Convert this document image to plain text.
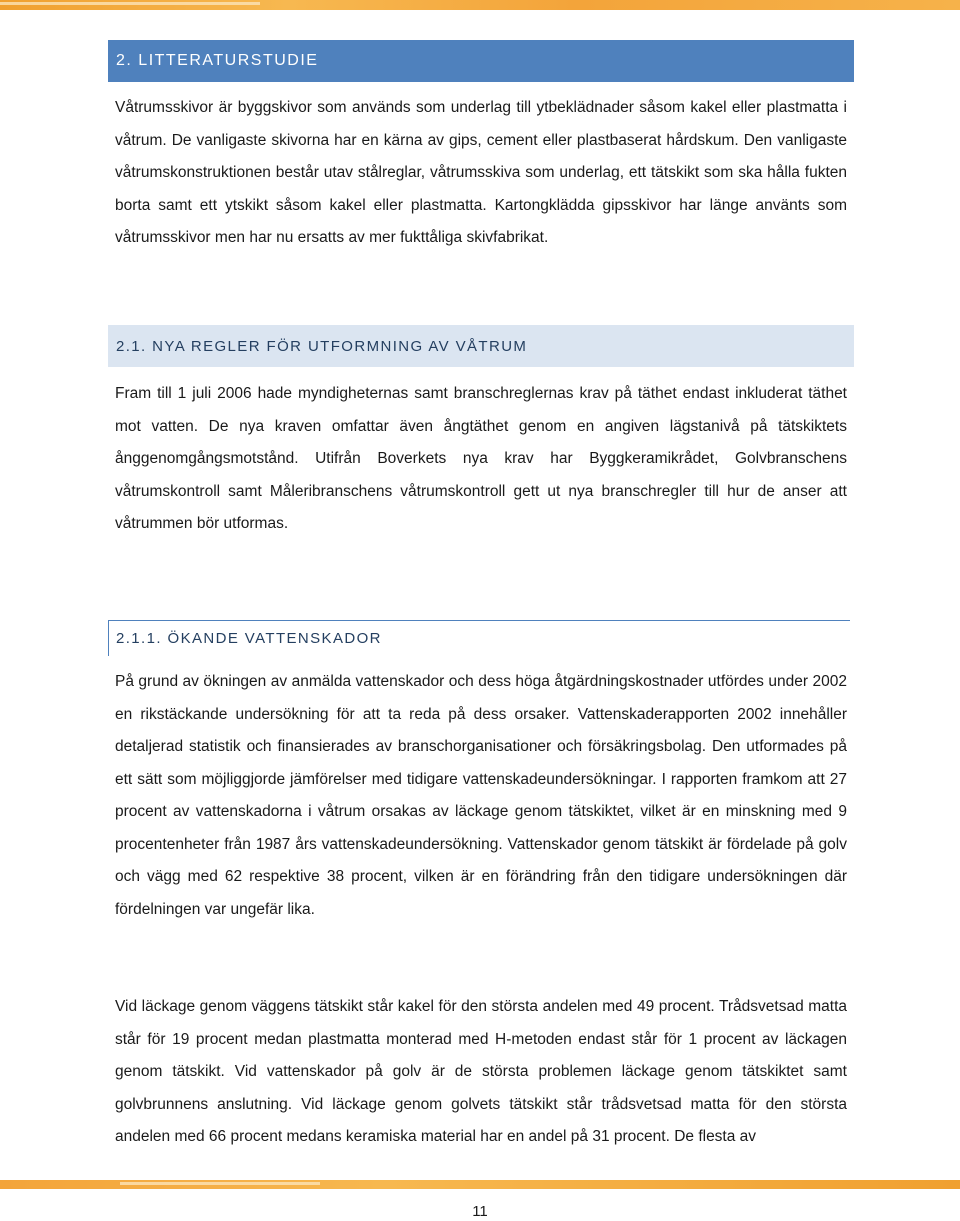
2. LITTERATURSTUDIE

Våtrumsskivor är byggskivor som används som underlag till ytbeklädnader såsom kakel eller plastmatta i våtrum. De vanligaste skivorna har en kärna av gips, cement eller plastbaserat hårdskum. Den vanligaste våtrumskonstruktionen består utav stålreglar, våtrumsskiva som underlag, ett tätskikt som ska hålla fukten borta samt ett ytskikt såsom kakel eller plastmatta. Kartongklädda gipsskivor har länge använts som våtrumsskivor men har nu ersatts av mer fukttåliga skivfabrikat.

2.1. NYA REGLER FÖR UTFORMNING AV VÅTRUM

Fram till 1 juli 2006 hade myndigheternas samt branschreglernas krav på täthet endast inkluderat täthet mot vatten. De nya kraven omfattar även ångtäthet genom en angiven lägstanivå på tätskiktets ånggenomgångsmotstånd. Utifrån Boverkets nya krav har Byggkeramikrådet, Golvbranschens våtrumskontroll samt Måleribranschens våtrumskontroll gett ut nya branschregler till hur de anser att våtrummen bör utformas.

2.1.1. ÖKANDE VATTENSKADOR

På grund av ökningen av anmälda vattenskador och dess höga åtgärdningskostnader utfördes under 2002 en rikstäckande undersökning för att ta reda på dess orsaker. Vattenskaderapporten 2002 innehåller detaljerad statistik och finansierades av branschorganisationer och försäkringsbolag. Den utformades på ett sätt som möjliggjorde jämförelser med tidigare vattenskadeundersökningar. I rapporten framkom att 27 procent av vattenskadorna i våtrum orsakas av läckage genom tätskiktet, vilket är en minskning med 9 procentenheter från 1987 års vattenskadeundersökning. Vattenskador genom tätskikt är fördelade på golv och vägg med 62 respektive 38 procent, vilken är en förändring från den tidigare undersökningen där fördelningen var ungefär lika.

Vid läckage genom väggens tätskikt står kakel för den största andelen med 49 procent. Trådsvetsad matta står för 19 procent medan plastmatta monterad med H-metoden endast står för 1 procent av läckagen genom tätskikt. Vid vattenskador på golv är de största problemen läckage genom tätskiktet samt golvbrunnens anslutning. Vid läckage genom golvets tätskikt står trådsvetsad matta för den största andelen med 66 procent medans keramiska material har en andel på 31 procent. De flesta av

11
